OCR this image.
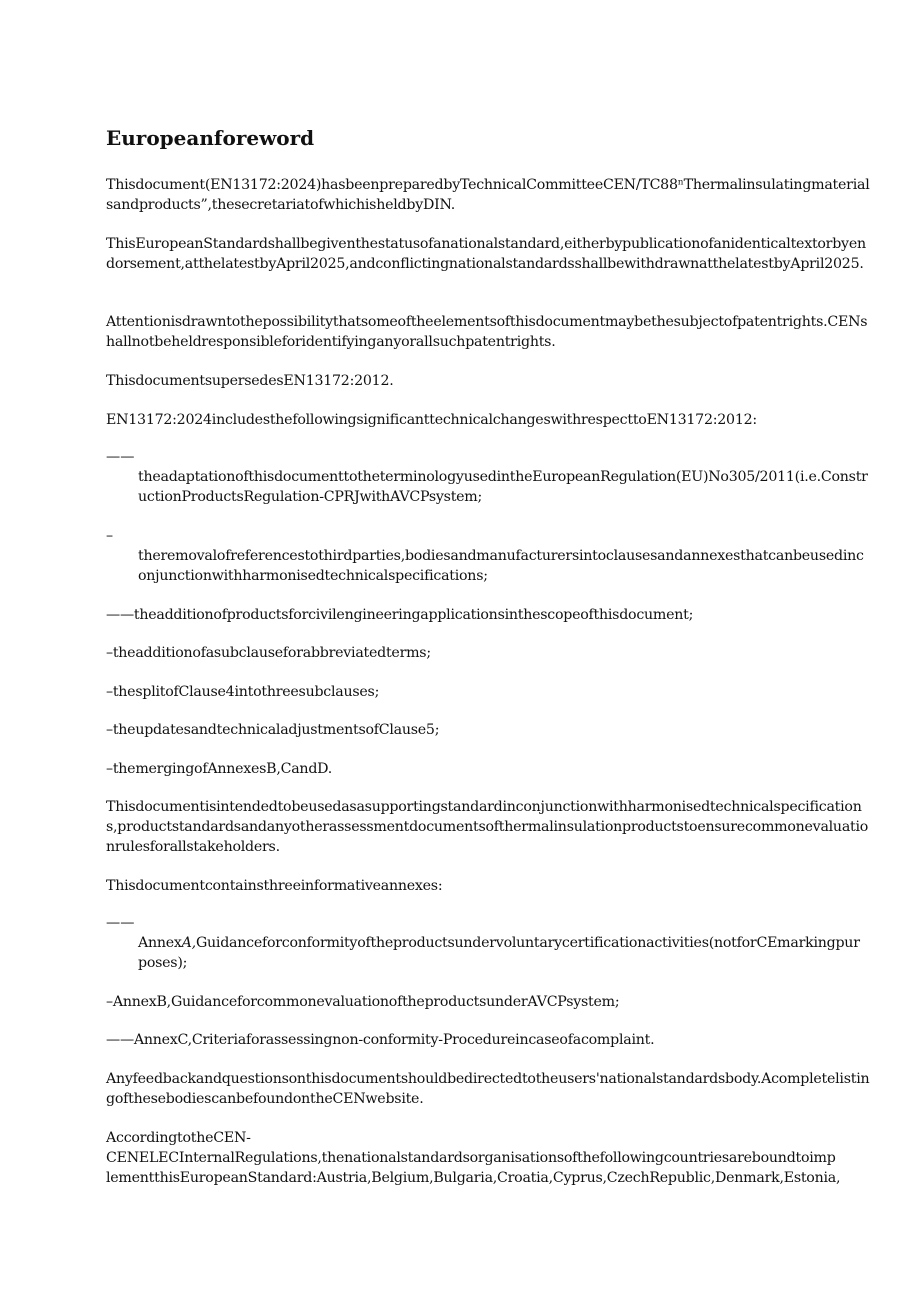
Europeanforeword

Thisdocument(EN13172:2024)hasbeenpreparedbyTechnicalCommitteeCEN/TC88ⁿThermalinsulatingmaterialsandproducts”,thesecretariatofwhichisheldbyDIN.

ThisEuropeanStandardshallbegiventhestatusofanationalstandard,eitherbypublicationofanidenticaltextorbyendorsement,atthelatestbyApril2025,andconflictingnationalstandardsshallbewithdrawnatthelatestbyApril2025.

Attentionisdrawntothepossibilitythatsomeoftheelementsofthisdocumentmaybethesubjectofpatentrights.CENshallnotbeheldresponsibleforidentifyinganyorallsuchpatentrights.

ThisdocumentsupersedesEN13172:2012.

EN13172:2024includesthefollowingsignificanttechnicalchangeswithrespecttoEN13172:2012:

——

theadaptationofthisdocumenttotheterminologyusedintheEuropeanRegulation(EU)No305/2011(i.e.ConstructionProductsRegulation-CPRJwithAVCPsystem;

–

theremovalofreferencestothirdparties,bodiesandmanufacturersintoclausesandannexesthatcanbeusedinconjunctionwithharmonisedtechnicalspecifications;

——theadditionofproductsforcivilengineeringapplicationsinthescopeofthisdocument;

–theadditionofasubclauseforabbreviatedterms;

–thesplitofClause4intothreesubclauses;

–theupdatesandtechnicaladjustmentsofClause5;

–themergingofAnnexesB,CandD.

Thisdocumentisintendedtobeusedasasupportingstandardinconjunctionwithharmonisedtechnicalspecifications,productstandardsandanyotherassessmentdocumentsofthermalinsulationproductstoensurecommonevaluationrulesforallstakeholders.

Thisdocumentcontainsthreeinformativeannexes:

——

AnnexA,Guidanceforconformityoftheproductsundervoluntarycertificationactivities(notforCEmarkingpurposes);

–AnnexB,GuidanceforcommonevaluationoftheproductsunderAVCPsystem;

——AnnexC,Criteriaforassessingnon-conformity-Procedureincaseofacomplaint.

Anyfeedbackandquestionsonthisdocumentshouldbedirectedtotheusers'nationalstandardsbody.AcompletelistingofthesebodiescanbefoundontheCENwebsite.

AccordingtotheCEN-
CENELECInternalRegulations,thenationalstandardsorganisationsofthefollowingcountriesareboundtoimp
lementthisEuropeanStandard:Austria,Belgium,Bulgaria,Croatia,Cyprus,CzechRepublic,Denmark,Estonia,
